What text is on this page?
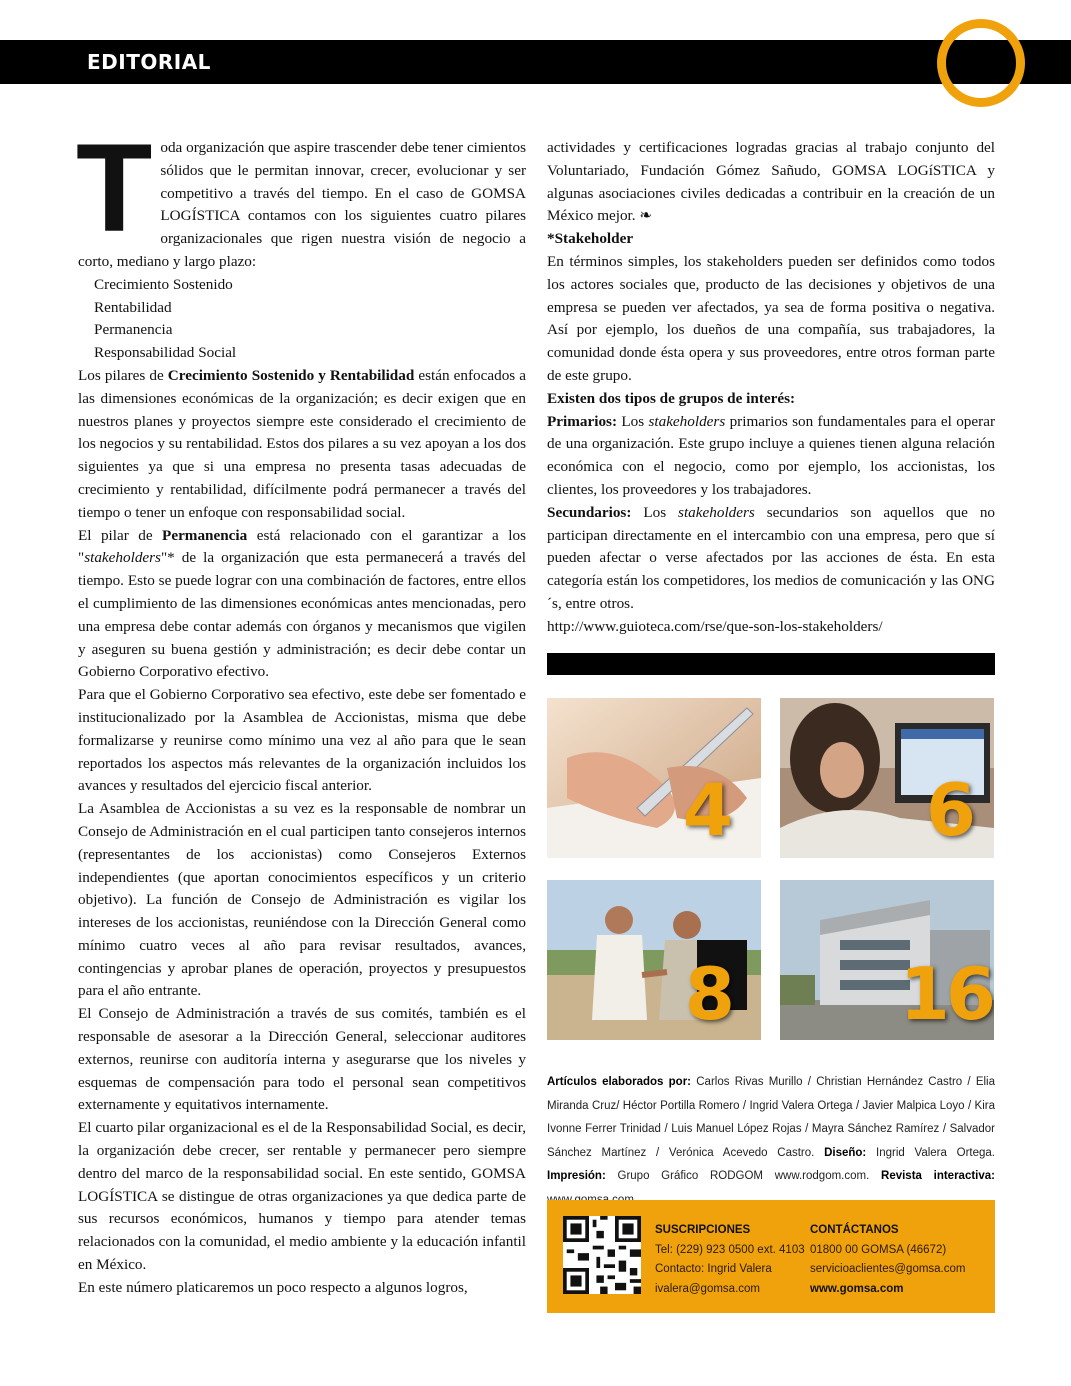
EDITORIAL

Toda organización que aspire trascender debe tener cimientos sólidos que le permitan innovar, crecer, evolucionar y ser competitivo a través del tiempo. En el caso de GOMSA LOGÍSTICA contamos con los siguientes cuatro pilares organizacionales que rigen nuestra visión de negocio a corto, mediano y largo plazo:

Crecimiento Sostenido

Rentabilidad

Permanencia

Responsabilidad Social

Los pilares de Crecimiento Sostenido y Rentabilidad están enfocados a las dimensiones económicas de la organización; es decir exigen que en nuestros planes y proyectos siempre este considerado el crecimiento de los negocios y su rentabilidad. Estos dos pilares a su vez apoyan a los dos siguientes ya que si una empresa no presenta tasas adecuadas de crecimiento y rentabilidad, difícilmente podrá permanecer a través del tiempo o tener un enfoque con responsabilidad social.

El pilar de Permanencia está relacionado con el garantizar a los "stakeholders"* de la organización que esta permanecerá a través del tiempo. Esto se puede lograr con una combinación de factores, entre ellos el cumplimiento de las dimensiones económicas antes mencionadas, pero una empresa debe contar además con órganos y mecanismos que vigilen y aseguren su buena gestión y administración; es decir debe contar un Gobierno Corporativo efectivo.

Para que el Gobierno Corporativo sea efectivo, este debe ser fomentado e institucionalizado por la Asamblea de Accionistas, misma que debe formalizarse y reunirse como mínimo una vez al año para que le sean reportados los aspectos más relevantes de la organización incluidos los avances y resultados del ejercicio fiscal anterior.

La Asamblea de Accionistas a su vez es la responsable de nombrar un Consejo de Administración en el cual participen tanto consejeros internos (representantes de los accionistas) como Consejeros Externos independientes (que aportan conocimientos específicos y un criterio objetivo). La función de Consejo de Administración es vigilar los intereses de los accionistas, reuniéndose con la Dirección General como mínimo cuatro veces al año para revisar resultados, avances, contingencias y aprobar planes de operación, proyectos y presupuestos para el año entrante.

El Consejo de Administración a través de sus comités, también es el responsable de asesorar a la Dirección General, seleccionar auditores externos, reunirse con auditoría interna y asegurarse que los niveles y esquemas de compensación para todo el personal sean competitivos externamente y equitativos internamente.

El cuarto pilar organizacional es el de la Responsabilidad Social, es decir, la organización debe crecer, ser rentable y permanecer pero siempre dentro del marco de la responsabilidad social. En este sentido, GOMSA LOGÍSTICA se distingue de otras organizaciones ya que dedica parte de sus recursos económicos, humanos y tiempo para atender temas relacionados con la comunidad, el medio ambiente y la educación infantil en México.

En este número platicaremos un poco respecto a algunos logros,

actividades y certificaciones logradas gracias al trabajo conjunto del Voluntariado, Fundación Gómez Sañudo, GOMSA LOGíSTICA y algunas asociaciones civiles dedicadas a contribuir en la creación de un México mejor. ❧

*Stakeholder

En términos simples, los stakeholders pueden ser definidos como todos los actores sociales que, producto de las decisiones y objetivos de una empresa se pueden ver afectados, ya sea de forma positiva o negativa. Así por ejemplo, los dueños de una compañía, sus trabajadores, la comunidad donde ésta opera y sus proveedores, entre otros forman parte de este grupo.

Existen dos tipos de grupos de interés:

Primarios: Los stakeholders primarios son fundamentales para el operar de una organización. Este grupo incluye a quienes tienen alguna relación económica con el negocio, como por ejemplo, los accionistas, los clientes, los proveedores y los trabajadores.

Secundarios: Los stakeholders secundarios son aquellos que no participan directamente en el intercambio con una empresa, pero que sí pueden afectar o verse afectados por las acciones de ésta. En esta categoría están los competidores, los medios de comunicación y las ONG´s, entre otros.

http://www.guioteca.com/rse/que-son-los-stakeholders/

4	6
8 16
Artículos elaborados por: Carlos Rivas Murillo / Christian Hernández Castro / Elia Miranda Cruz/ Héctor Portilla Romero / Ingrid Valera Ortega / Javier Malpica Loyo / Kira Ivonne Ferrer Trinidad / Luis Manuel López Rojas / Mayra Sánchez Ramírez / Salvador Sánchez Martínez / Verónica Acevedo Castro. Diseño: Ingrid Valera Ortega. Impresión: Grupo Gráfico RODGOM www.rodgom.com. Revista interactiva:
SUSCRIPCIONES
Tel: (229) 923 0500 ext. 4103
Contacto: Ingrid Valera
ivalera@gomsa.com
CONTÁCTANOS
01800 00 GOMSA (46672)
servicioaclientes@gomsa.com
www.gomsa.com
